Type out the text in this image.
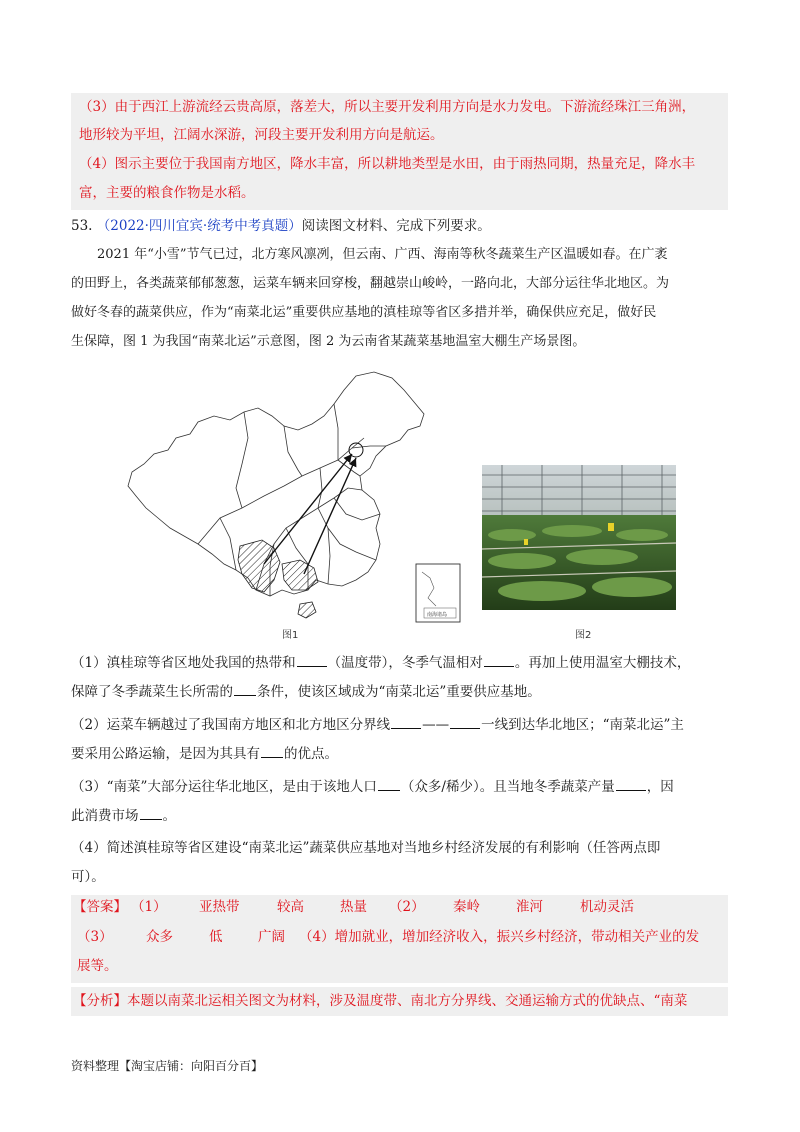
（3）由于西江上游流经云贵高原，落差大，所以主要开发利用方向是水力发电。下游流经珠江三角洲，
地形较为平坦，江阔水深游，河段主要开发利用方向是航运。
（4）图示主要位于我国南方地区，降水丰富，所以耕地类型是水田，由于雨热同期，热量充足，降水丰
富，主要的粮食作物是水稻。
53. （2022·四川宜宾·统考中考真题）阅读图文材料、完成下列要求。
2021 年“小雪”节气已过，北方寒风凛冽，但云南、广西、海南等秋冬蔬菜生产区温暖如春。在广袤
的田野上，各类蔬菜郁郁葱葱，运菜车辆来回穿梭，翻越崇山峻岭，一路向北，大部分运往华北地区。为
做好冬春的蔬菜供应，作为“南菜北运”重要供应基地的滇桂琼等省区多措并举，确保供应充足，做好民
生保障，图 1 为我国“南菜北运”示意图，图 2 为云南省某蔬菜基地温室大棚生产场景图。
南海诸岛
图1	图2
（1）滇桂琼等省区地处我国的热带和 （温度带），冬季气温相对 。再加上使用温室大棚技术，
保障了冬季蔬菜生长所需的 条件，使该区域成为“南菜北运”重要供应基地。
（2）运菜车辆越过了我国南方地区和北方地区分界线 —— 一线到达华北地区；“南菜北运”主
要采用公路运输，是因为其具有 的优点。
（3）“南菜”大部分运往华北地区，是由于该地人口 （众多/稀少）。且当地冬季蔬菜产量 ，因
此消费市场 。
（4）简述滇桂琼等省区建设“南菜北运”蔬菜供应基地对当地乡村经济发展的有利影响（任答两点即
可）。
【答案】 （1） 亚热带	较高	热量 （2） 秦岭	淮河	机动灵活
（3） 众多	低	广阔 （4）增加就业，增加经济收入，振兴乡村经济，带动相关产业的发
展等。
【分析】本题以南菜北运相关图文为材料，涉及温度带、南北方分界线、交通运输方式的优缺点、“南菜
资料整理【淘宝店铺：向阳百分百】
